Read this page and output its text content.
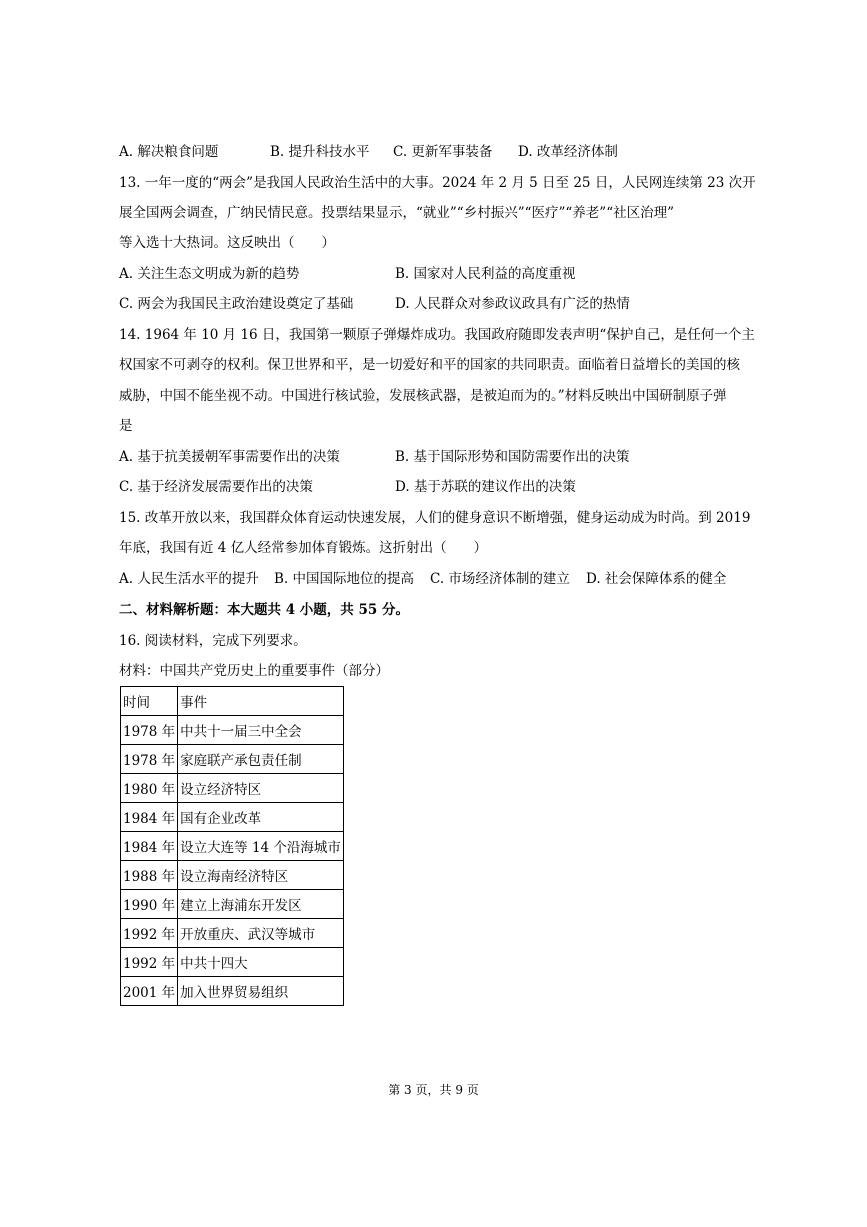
A. 解决粮食问题	B. 提升科技水平 C. 更新军事装备 D. 改革经济体制
13. 一年一度的“两会”是我国人民政治生活中的大事。2024 年 2 月 5 日至 25 日，人民网连续第 23 次开
展全国两会调查，广纳民情民意。投票结果显示，“就业”“乡村振兴”“医疗”“养老”“社区治理”
等入选十大热词。这反映出（　　）
A. 关注生态文明成为新的趋势	B. 国家对人民利益的高度重视
C. 两会为我国民主政治建设奠定了基础	D. 人民群众对参政议政具有广泛的热情
14. 1964 年 10 月 16 日，我国第一颗原子弹爆炸成功。我国政府随即发表声明“保护自己，是任何一个主
权国家不可剥夺的权利。保卫世界和平，是一切爱好和平的国家的共同职责。面临着日益增长的美国的核
威胁，中国不能坐视不动。中国进行核试验，发展核武器，是被迫而为的。”材料反映出中国研制原子弹
是
A. 基于抗美援朝军事需要作出的决策	B. 基于国际形势和国防需要作出的决策
C. 基于经济发展需要作出的决策	D. 基于苏联的建议作出的决策
15. 改革开放以来，我国群众体育运动快速发展，人们的健身意识不断增强，健身运动成为时尚。到 2019
年底，我国有近 4 亿人经常参加体育锻炼。这折射出（　　）
A. 人民生活水平的提升 B. 中国国际地位的提高 C. 市场经济体制的建立 D. 社会保障体系的健全
二、材料解析题：本大题共 4 小题，共 55 分。
16. 阅读材料，完成下列要求。
材料：中国共产党历史上的重要事件（部分）
时间	事件
1978 年	中共十一届三中全会
1978 年	家庭联产承包责任制
1980 年	设立经济特区
1984 年	国有企业改革
1984 年	设立大连等 14 个沿海城市
1988 年	设立海南经济特区
1990 年	建立上海浦东开发区
1992 年	开放重庆、武汉等城市
1992 年	中共十四大
2001 年	加入世界贸易组织
第 3 页，共 9 页
